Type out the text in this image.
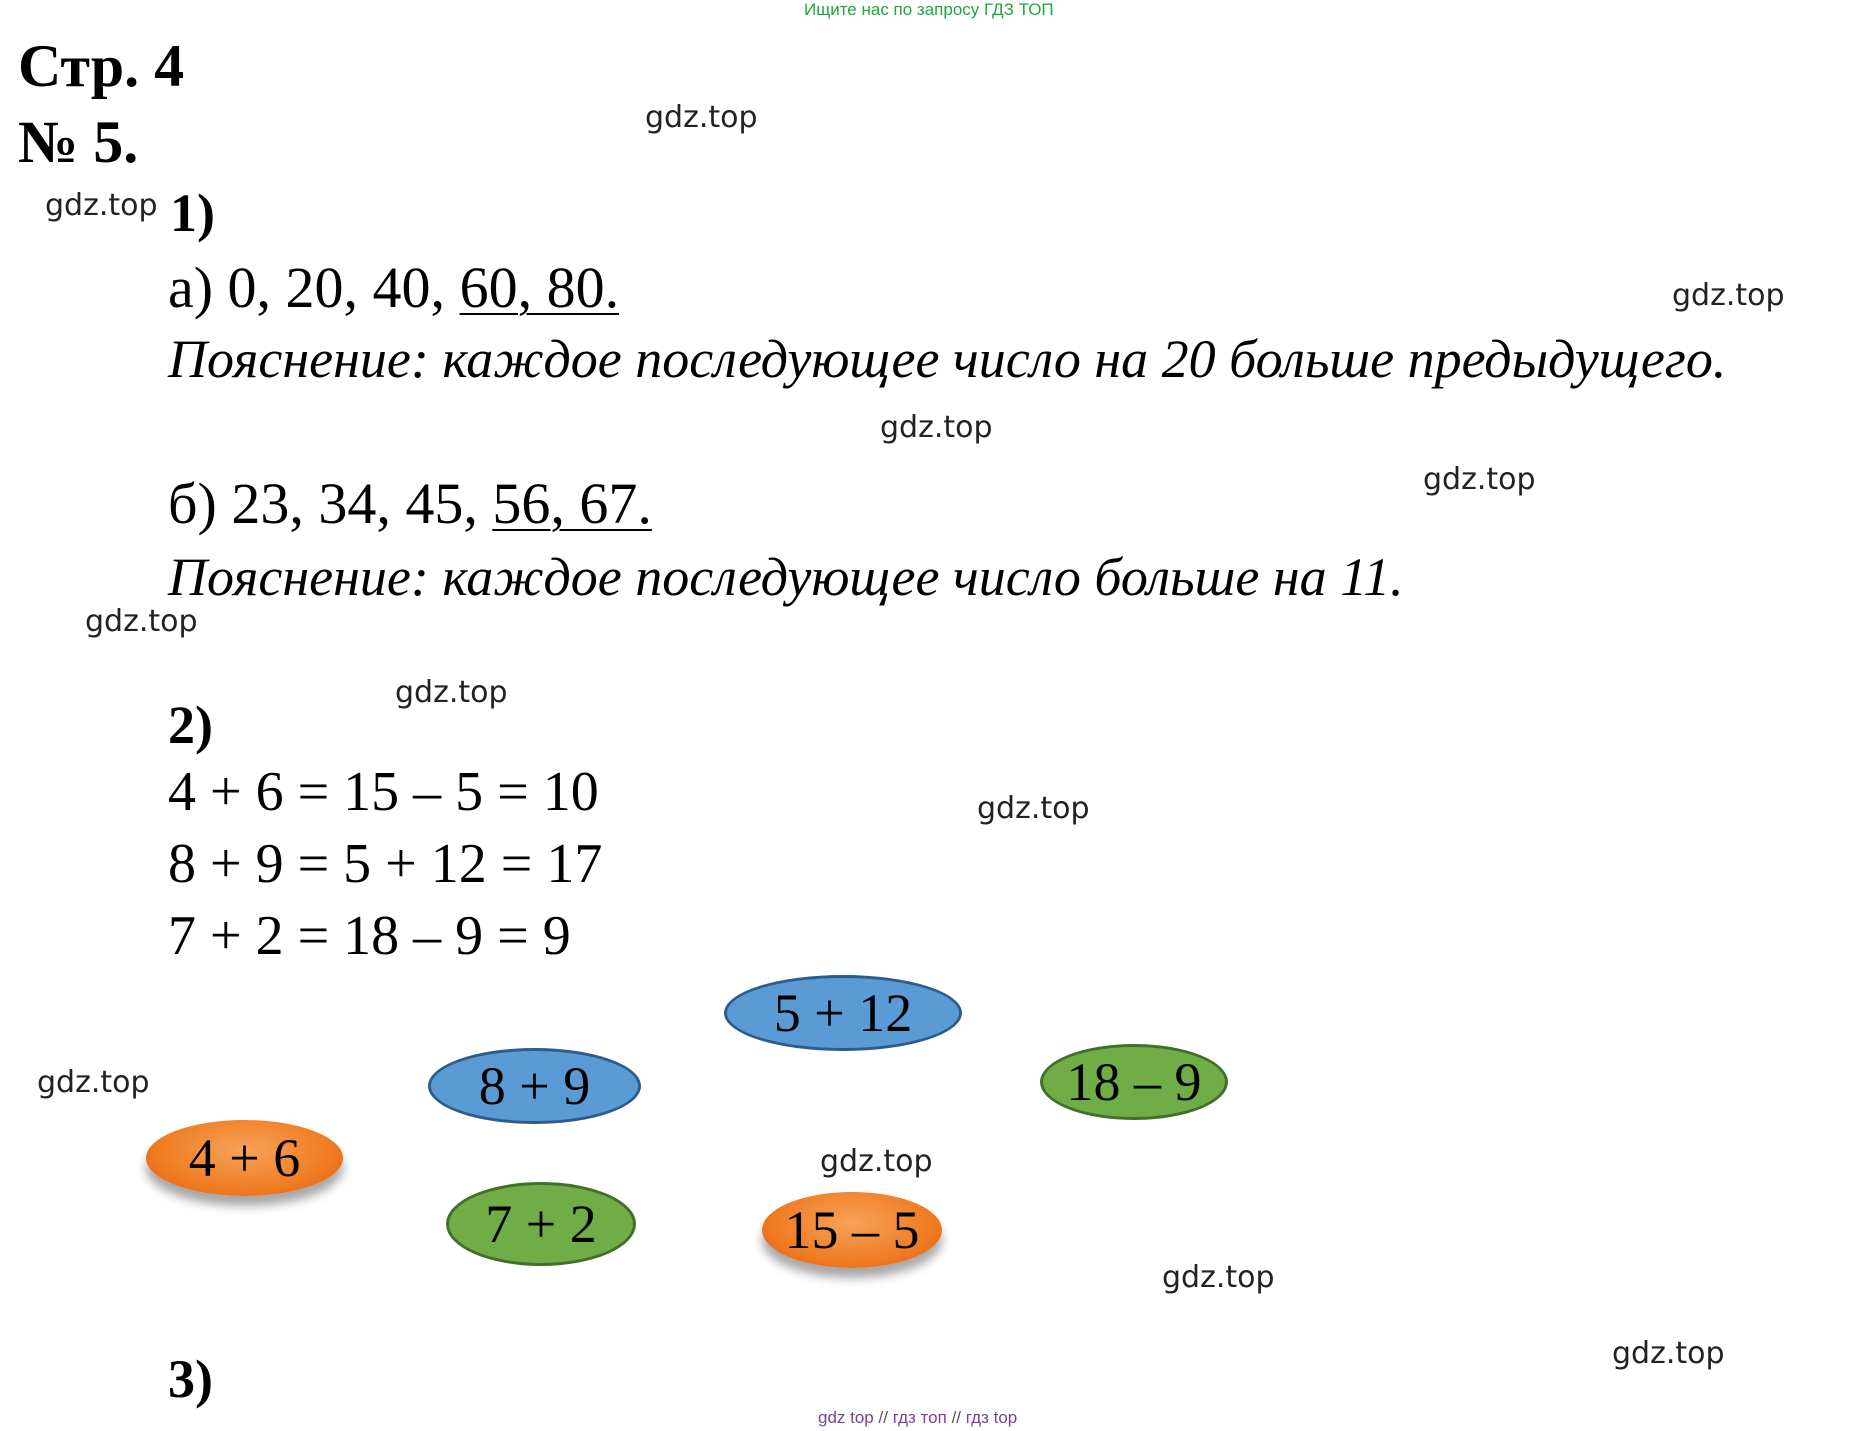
Ищите нас по запросу ГДЗ ТОП
Стр. 4
№ 5.	gdz.top
gdz.top
gdz.top
gdz.top
gdz.top
gdz.top
gdz.top
gdz.top
gdz.top
gdz.top
gdz.top
gdz.top
1)
а) 0, 20, 40, 60, 80.
Пояснение: каждое последующее число на 20 больше предыдущего.
б) 23, 34, 45, 56, 67.
Пояснение: каждое последующее число больше на 11.
2)
4 + 6 = 15 – 5 = 10
8 + 9 = 5 + 12 = 17
7 + 2 = 18 – 9 = 9
5 + 12
8 + 9	18 – 9
4 + 6
7 + 2	15 – 5
3)
gdz top // гдз топ // гдз top
